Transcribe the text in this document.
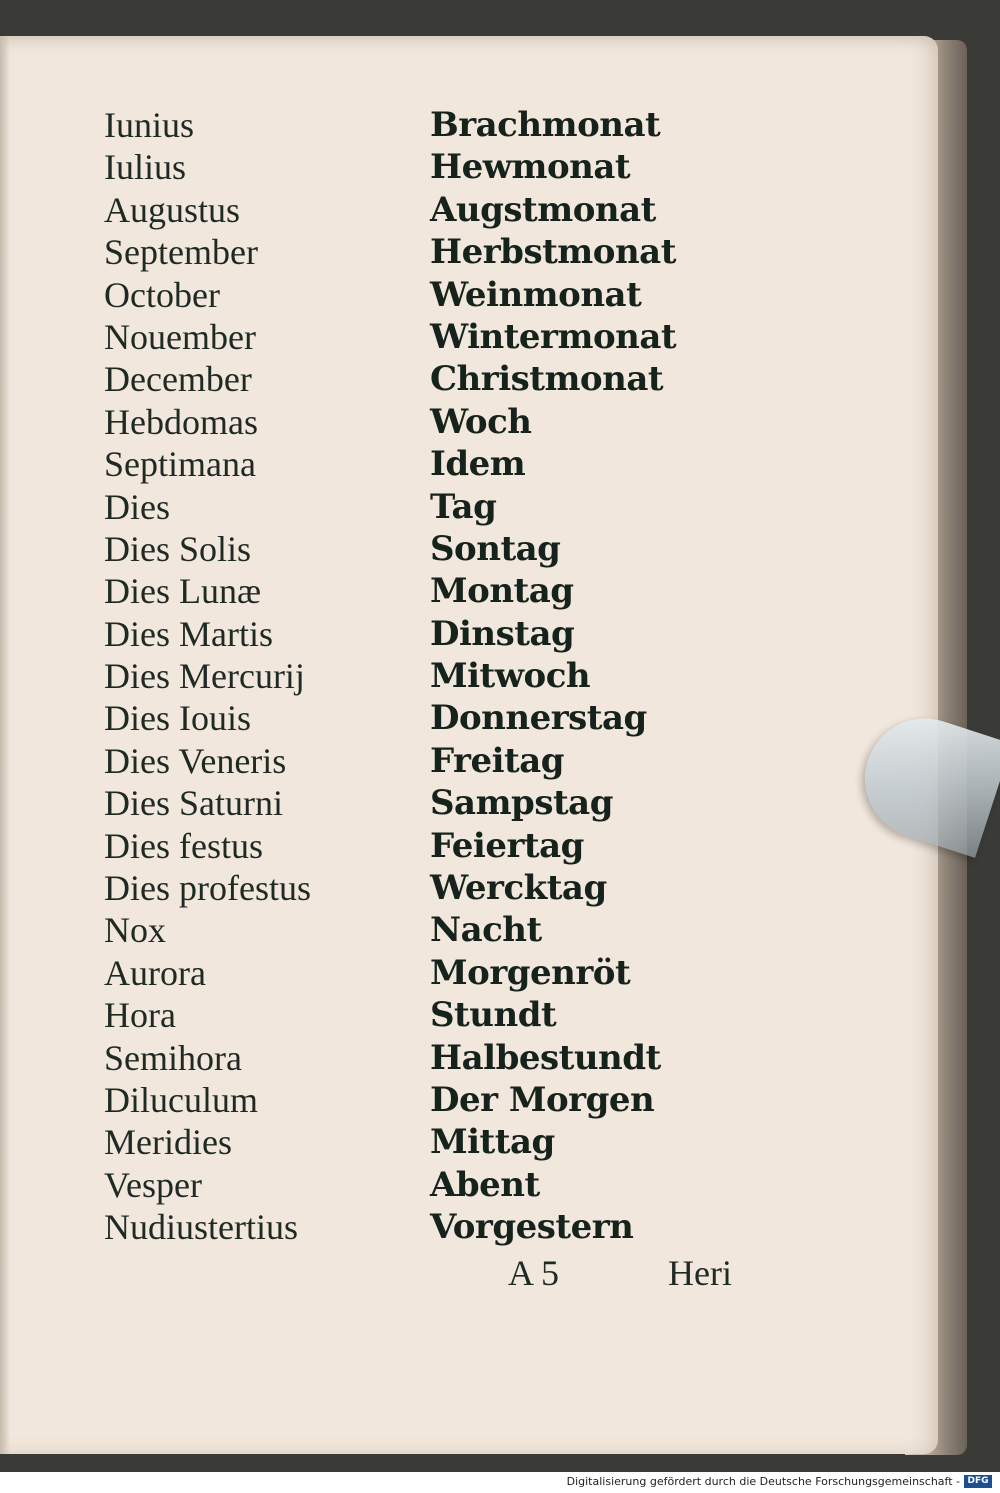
Iunius	Brachmonat
Iulius	Hewmonat
Augustus	Augstmonat
September	Herbstmonat
October	Weinmonat
Nouember	Wintermonat
December	Christmonat
Hebdomas	Woch
Septimana	Idem
Dies	Tag
Dies Solis	Sontag
Dies Lunæ	Montag
Dies Martis	Dinstag
Dies Mercurij	Mitwoch
Dies Iouis	Donnerstag
Dies Veneris	Freitag
Dies Saturni	Sampstag
Dies festus	Feiertag
Dies profestus	Wercktag
Nox	Nacht
Aurora	Morgenröt
Hora	Stundt
Semihora	Halbestundt
Diluculum	Der Morgen
Meridies	Mittag
Vesper	Abent
Nudiustertius	Vorgestern
A 5	Heri
Digitalisierung gefördert durch die Deutsche Forschungsgemeinschaft - DFG
